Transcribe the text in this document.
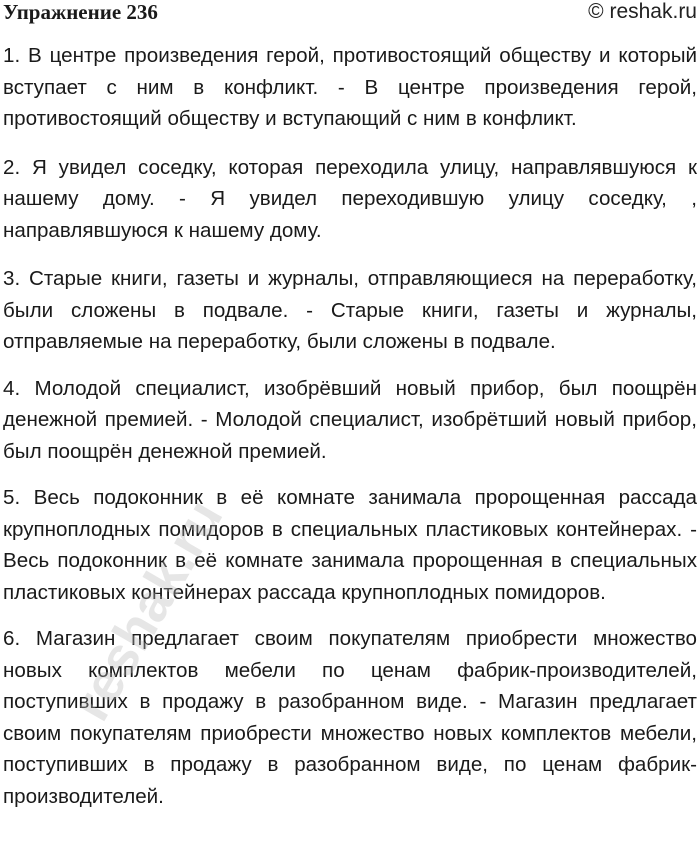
Упражнение 236	© reshak.ru

1. В центре произведения герой, противостоящий обществу и который вступает с ним в конфликт. - В центре произведения герой, противостоящий обществу и вступающий с ним в конфликт.

2. Я увидел соседку, которая переходила улицу, направлявшуюся к нашему дому. - Я увидел переходившую улицу соседку, , направлявшуюся к нашему дому.

3. Старые книги, газеты и журналы, отправляющиеся на переработку, были сложены в подвале. - Старые книги, газеты и журналы, отправляемые на переработку, были сложены в подвале.

4. Молодой специалист, изобрёвший новый прибор, был поощрён денежной премией. - Молодой специалист, изобрётший новый прибор, был поощрён денежной премией.

5. Весь подоконник в её комнате занимала пророщенная рассада крупноплодных помидоров в специальных пластиковых контейнерах. - Весь подоконник в её комнате занимала пророщенная в специальных пластиковых контейнерах рассада крупноплодных помидоров.

6. Магазин предлагает своим покупателям приобрести множество новых комплектов мебели по ценам фабрик-производителей, поступивших в продажу в разобранном виде. - Магазин предлагает своим покупателям приобрести множество новых комплектов мебели, поступивших в продажу в разобранном виде, по ценам фабрик-производителей.

reshak.ru
